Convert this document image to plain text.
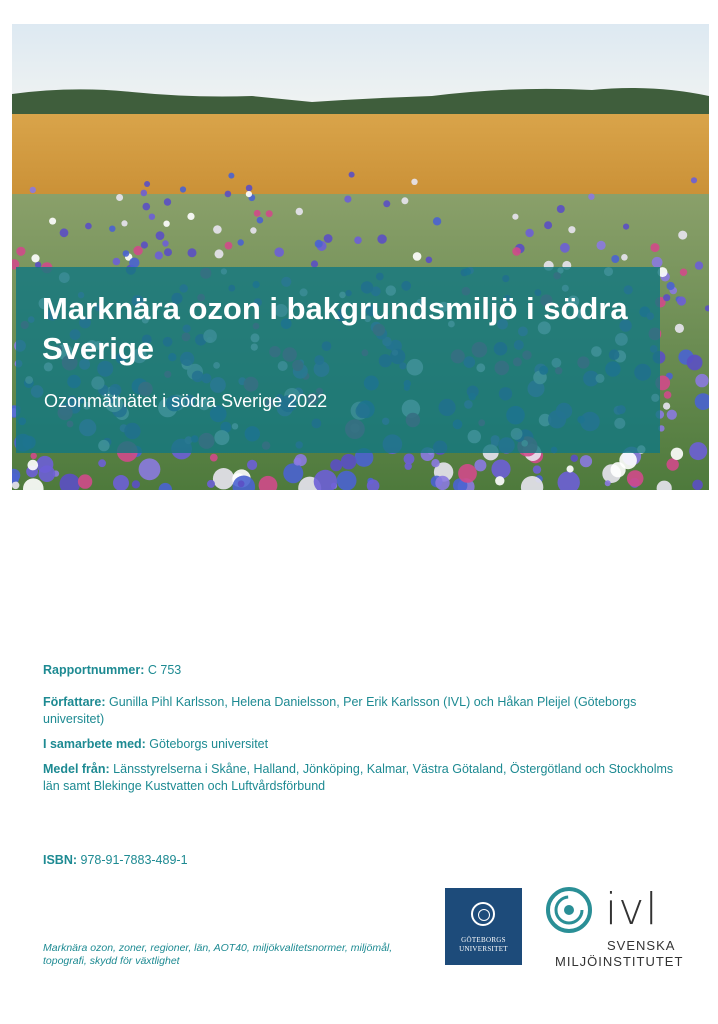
Marknära ozon i bakgrundsmiljö i södra Sverige
Ozonmätnätet i södra Sverige 2022
Rapportnummer: C 753
Författare: Gunilla Pihl Karlsson, Helena Danielsson, Per Erik Karlsson (IVL) och Håkan Pleijel (Göteborgs universitet)
I samarbete med: Göteborgs universitet
Medel från: Länsstyrelserna i Skåne, Halland, Jönköping, Kalmar, Västra Götaland, Östergötland och Stockholms län samt Blekinge Kustvatten och Luftvårdsförbund
ISBN: 978-91-7883-489-1
Marknära ozon, zoner, regioner, län, AOT40, miljökvalitetsnormer, miljömål, topografi, skydd för växtlighet
GÖTEBORGS
UNIVERSITET
ivl
SVENSKA
MILJÖINSTITUTET
